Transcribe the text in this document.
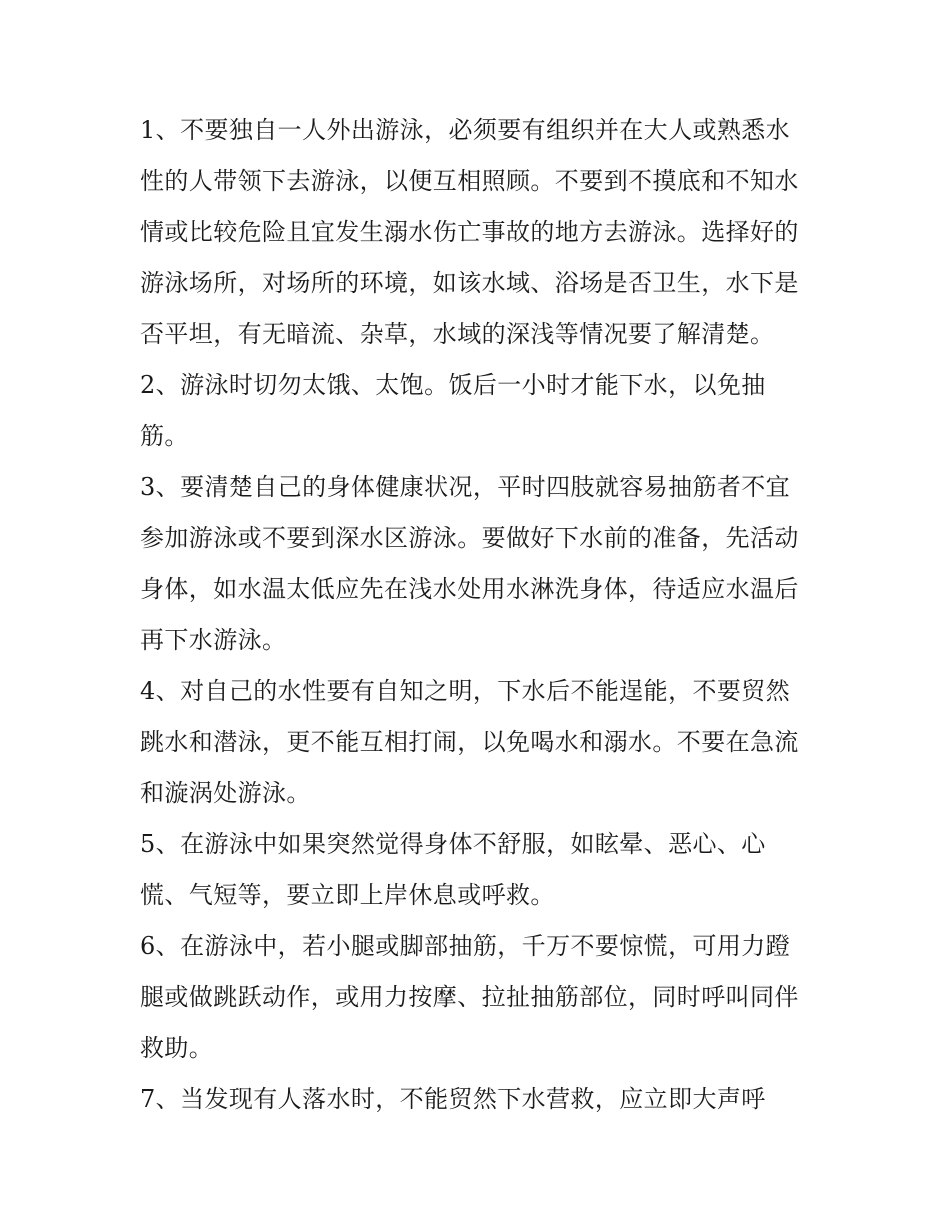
1、不要独自一人外出游泳，必须要有组织并在大人或熟悉水
性的人带领下去游泳，以便互相照顾。不要到不摸底和不知水
情或比较危险且宜发生溺水伤亡事故的地方去游泳。选择好的
游泳场所，对场所的环境，如该水域、浴场是否卫生，水下是
否平坦，有无暗流、杂草，水域的深浅等情况要了解清楚。
2、游泳时切勿太饿、太饱。饭后一小时才能下水，以免抽
筋。
3、要清楚自己的身体健康状况，平时四肢就容易抽筋者不宜
参加游泳或不要到深水区游泳。要做好下水前的准备，先活动
身体，如水温太低应先在浅水处用水淋洗身体，待适应水温后
再下水游泳。
4、对自己的水性要有自知之明，下水后不能逞能，不要贸然
跳水和潜泳，更不能互相打闹，以免喝水和溺水。不要在急流
和漩涡处游泳。
5、在游泳中如果突然觉得身体不舒服，如眩晕、恶心、心
慌、气短等，要立即上岸休息或呼救。
6、在游泳中，若小腿或脚部抽筋，千万不要惊慌，可用力蹬
腿或做跳跃动作，或用力按摩、拉扯抽筋部位，同时呼叫同伴
救助。
7、当发现有人落水时，不能贸然下水营救，应立即大声呼
